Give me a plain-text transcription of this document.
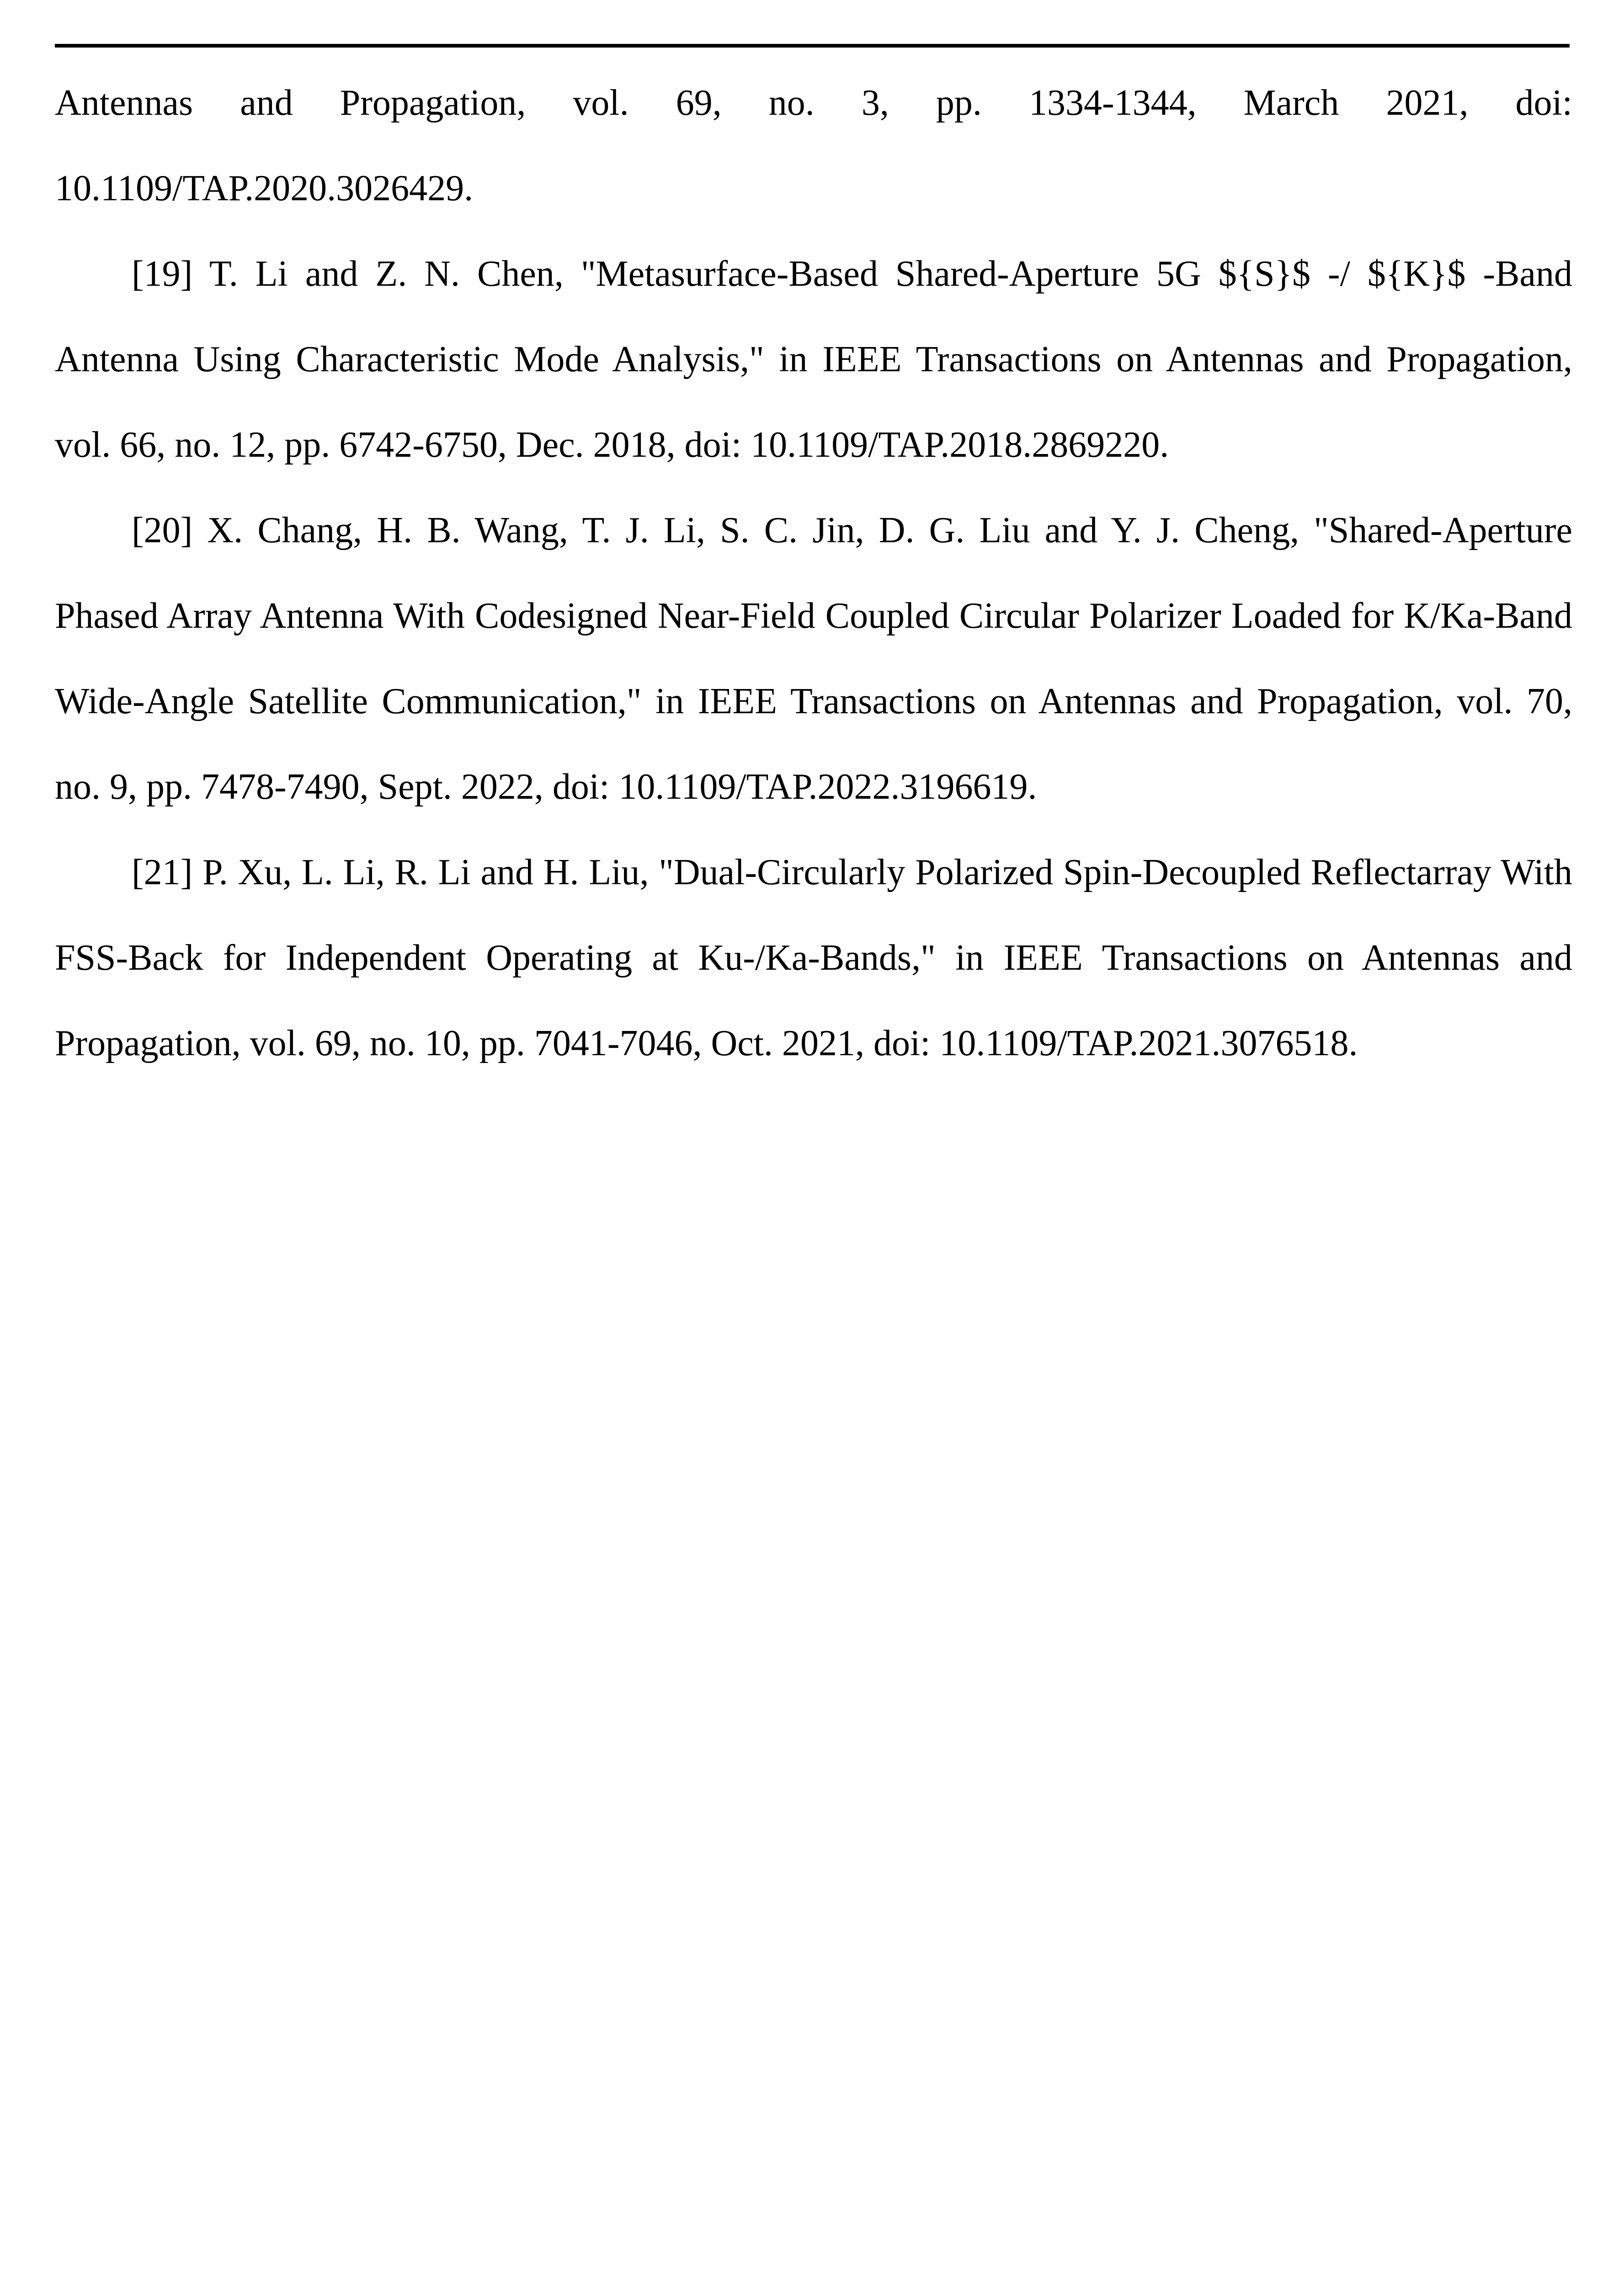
Antennas and Propagation, vol. 69, no. 3, pp. 1334-1344, March 2021, doi: 10.1109/TAP.2020.3026429.

[19] T. Li and Z. N. Chen, "Metasurface-Based Shared-Aperture 5G ${S}$ -/ ${K}$ -Band Antenna Using Characteristic Mode Analysis," in IEEE Transactions on Antennas and Propagation, vol. 66, no. 12, pp. 6742-6750, Dec. 2018, doi: 10.1109/TAP.2018.2869220.

[20] X. Chang, H. B. Wang, T. J. Li, S. C. Jin, D. G. Liu and Y. J. Cheng, "Shared-Aperture Phased Array Antenna With Codesigned Near-Field Coupled Circular Polarizer Loaded for K/Ka-Band Wide-Angle Satellite Communication," in IEEE Transactions on Antennas and Propagation, vol. 70, no. 9, pp. 7478-7490, Sept. 2022, doi: 10.1109/TAP.2022.3196619.

[21] P. Xu, L. Li, R. Li and H. Liu, "Dual-Circularly Polarized Spin-Decoupled Reflectarray With FSS-Back for Independent Operating at Ku-/Ka-Bands," in IEEE Transactions on Antennas and Propagation, vol. 69, no. 10, pp. 7041-7046, Oct. 2021, doi: 10.1109/TAP.2021.3076518.
